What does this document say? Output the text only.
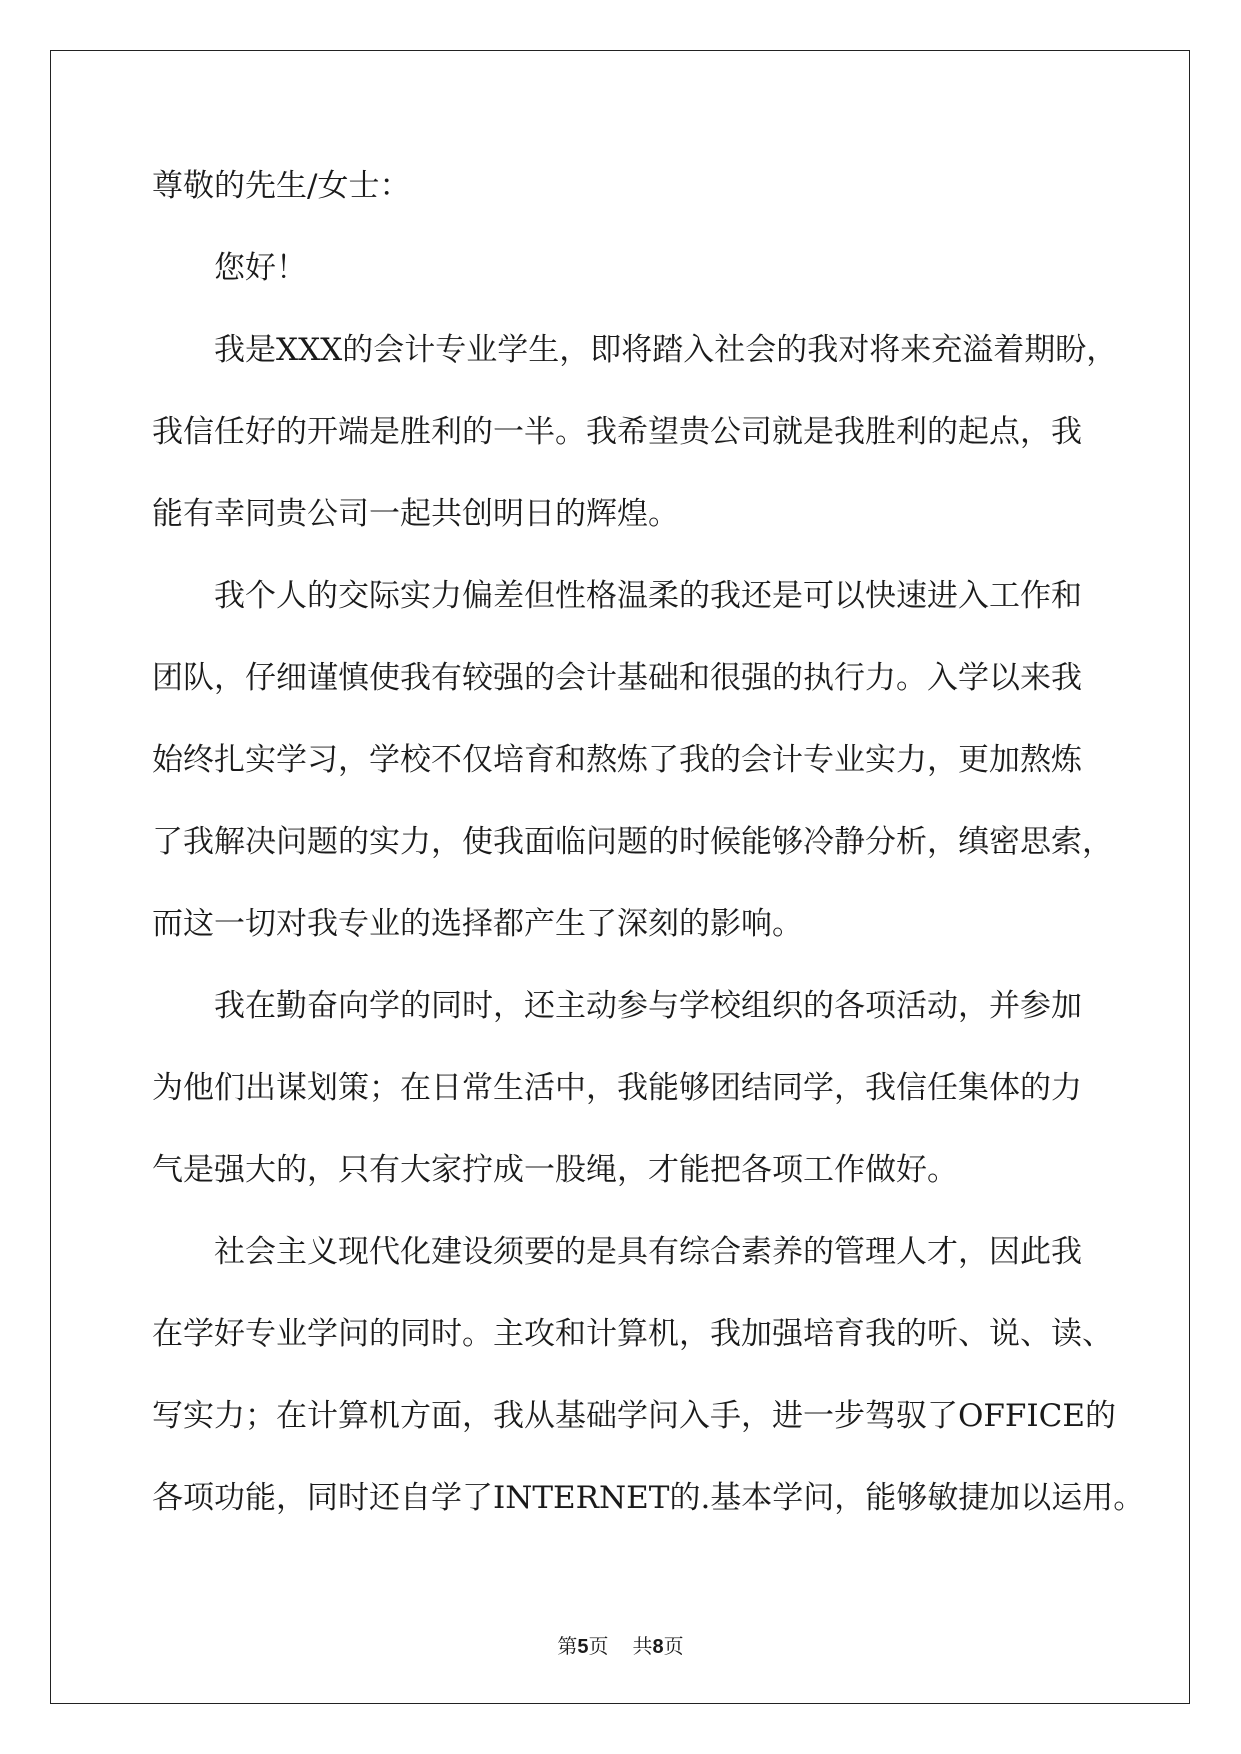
尊敬的先生/女士：
您好！
我是XXX的会计专业学生，即将踏入社会的我对将来充溢着期盼，
我信任好的开端是胜利的一半。我希望贵公司就是我胜利的起点，我
能有幸同贵公司一起共创明日的辉煌。
我个人的交际实力偏差但性格温柔的我还是可以快速进入工作和
团队，仔细谨慎使我有较强的会计基础和很强的执行力。入学以来我
始终扎实学习，学校不仅培育和熬炼了我的会计专业实力，更加熬炼
了我解决问题的实力，使我面临问题的时候能够冷静分析，缜密思索，
而这一切对我专业的选择都产生了深刻的影响。
我在勤奋向学的同时，还主动参与学校组织的各项活动，并参加
为他们出谋划策；在日常生活中，我能够团结同学，我信任集体的力
气是强大的，只有大家拧成一股绳，才能把各项工作做好。
社会主义现代化建设须要的是具有综合素养的管理人才，因此我
在学好专业学问的同时。主攻和计算机，我加强培育我的听、说、读、
写实力；在计算机方面，我从基础学问入手，进一步驾驭了OFFICE的
各项功能，同时还自学了INTERNET的.基本学问，能够敏捷加以运用。
第5页 共8页
